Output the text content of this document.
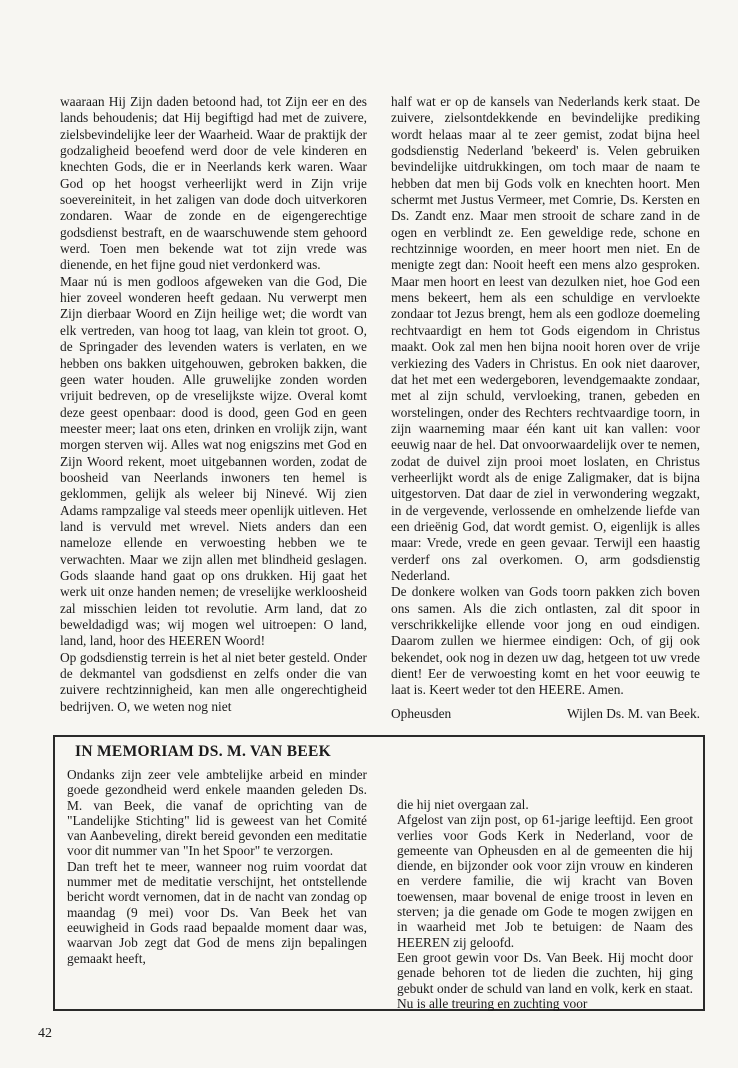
waaraan Hij Zijn daden betoond had, tot Zijn eer en des lands behoudenis; dat Hij begiftigd had met de zuivere, zielsbevindelijke leer der Waarheid. Waar de praktijk der godzaligheid beoefend werd door de vele kinderen en knechten Gods, die er in Neerlands kerk waren. Waar God op het hoogst verheerlijkt werd in Zijn vrije soevereiniteit, in het zaligen van dode doch uitverkoren zondaren. Waar de zonde en de eigengerechtige godsdienst bestraft, en de waarschuwende stem gehoord werd. Toen men bekende wat tot zijn vrede was dienende, en het fijne goud niet verdonkerd was.

Maar nú is men godloos afgeweken van die God, Die hier zoveel wonderen heeft gedaan. Nu verwerpt men Zijn dierbaar Woord en Zijn heilige wet; die wordt van elk vertreden, van hoog tot laag, van klein tot groot. O, de Springader des levenden waters is verlaten, en we hebben ons bakken uitgehouwen, gebroken bakken, die geen water houden. Alle gruwelijke zonden worden vrijuit bedreven, op de vreselijkste wijze. Overal komt deze geest openbaar: dood is dood, geen God en geen meester meer; laat ons eten, drinken en vrolijk zijn, want morgen sterven wij. Alles wat nog enigszins met God en Zijn Woord rekent, moet uitgebannen worden, zodat de boosheid van Neerlands inwoners ten hemel is geklommen, gelijk als weleer bij Ninevé. Wij zien Adams rampzalige val steeds meer openlijk uitleven. Het land is vervuld met wrevel. Niets anders dan een nameloze ellende en verwoesting hebben we te verwachten. Maar we zijn allen met blindheid geslagen. Gods slaande hand gaat op ons drukken. Hij gaat het werk uit onze handen nemen; de vreselijke werkloosheid zal misschien leiden tot revolutie. Arm land, dat zo beweldadigd was; wij mogen wel uitroepen: O land, land, land, hoor des HEEREN Woord!

Op godsdienstig terrein is het al niet beter gesteld. Onder de dekmantel van godsdienst en zelfs onder die van zuivere rechtzinnigheid, kan men alle ongerechtigheid bedrijven. O, we weten nog niet

half wat er op de kansels van Nederlands kerk staat. De zuivere, zielsontdekkende en bevindelijke prediking wordt helaas maar al te zeer gemist, zodat bijna heel godsdienstig Nederland 'bekeerd' is. Velen gebruiken bevindelijke uitdrukkingen, om toch maar de naam te hebben dat men bij Gods volk en knechten hoort. Men schermt met Justus Vermeer, met Comrie, Ds. Kersten en Ds. Zandt enz. Maar men strooit de schare zand in de ogen en verblindt ze. Een geweldige rede, schone en rechtzinnige woorden, en meer hoort men niet. En de menigte zegt dan: Nooit heeft een mens alzo gesproken. Maar men hoort en leest van dezulken niet, hoe God een mens bekeert, hem als een schuldige en vervloekte zondaar tot Jezus brengt, hem als een godloze doemeling rechtvaardigt en hem tot Gods eigendom in Christus maakt. Ook zal men hen bijna nooit horen over de vrije verkiezing des Vaders in Christus. En ook niet daarover, dat het met een wedergeboren, levendgemaakte zondaar, met al zijn schuld, vervloeking, tranen, gebeden en worstelingen, onder des Rechters rechtvaardige toorn, in zijn waarneming maar één kant uit kan vallen: voor eeuwig naar de hel. Dat onvoorwaardelijk over te nemen, zodat de duivel zijn prooi moet loslaten, en Christus verheerlijkt wordt als de enige Zaligmaker, dat is bijna uitgestorven. Dat daar de ziel in verwondering wegzakt, in de vergevende, verlossende en omhelzende liefde van een drieënig God, dat wordt gemist. O, eigenlijk is alles maar: Vrede, vrede en geen gevaar. Terwijl een haastig verderf ons zal overkomen. O, arm godsdienstig Nederland.

De donkere wolken van Gods toorn pakken zich boven ons samen. Als die zich ontlasten, zal dit spoor in verschrikkelijke ellende voor jong en oud eindigen. Daarom zullen we hiermee eindigen: Och, of gij ook bekendet, ook nog in dezen uw dag, hetgeen tot uw vrede dient! Eer de verwoesting komt en het voor eeuwig te laat is. Keert weder tot den HEERE. Amen.

Opheusden	Wijlen Ds. M. van Beek.
IN MEMORIAM DS. M. VAN BEEK

Ondanks zijn zeer vele ambtelijke arbeid en minder goede gezondheid werd enkele maanden geleden Ds. M. van Beek, die vanaf de oprichting van de "Landelijke Stichting" lid is geweest van het Comité van Aanbeveling, direkt bereid gevonden een meditatie voor dit nummer van "In het Spoor" te verzorgen.

Dan treft het te meer, wanneer nog ruim voordat dat nummer met de meditatie verschijnt, het ontstellende bericht wordt vernomen, dat in de nacht van zondag op maandag (9 mei) voor Ds. Van Beek het van eeuwigheid in Gods raad bepaalde moment daar was, waarvan Job zegt dat God de mens zijn bepalingen gemaakt heeft,

die hij niet overgaan zal.

Afgelost van zijn post, op 61-jarige leeftijd. Een groot verlies voor Gods Kerk in Nederland, voor de gemeente van Opheusden en al de gemeenten die hij diende, en bijzonder ook voor zijn vrouw en kinderen en verdere familie, die wij kracht van Boven toewensen, maar bovenal de enige troost in leven en sterven; ja die genade om Gode te mogen zwijgen en in waarheid met Job te betuigen: de Naam des HEEREN zij geloofd.

Een groot gewin voor Ds. Van Beek. Hij mocht door genade behoren tot de lieden die zuchten, hij ging gebukt onder de schuld van land en volk, kerk en staat. Nu is alle treuring en zuchting voor

42
